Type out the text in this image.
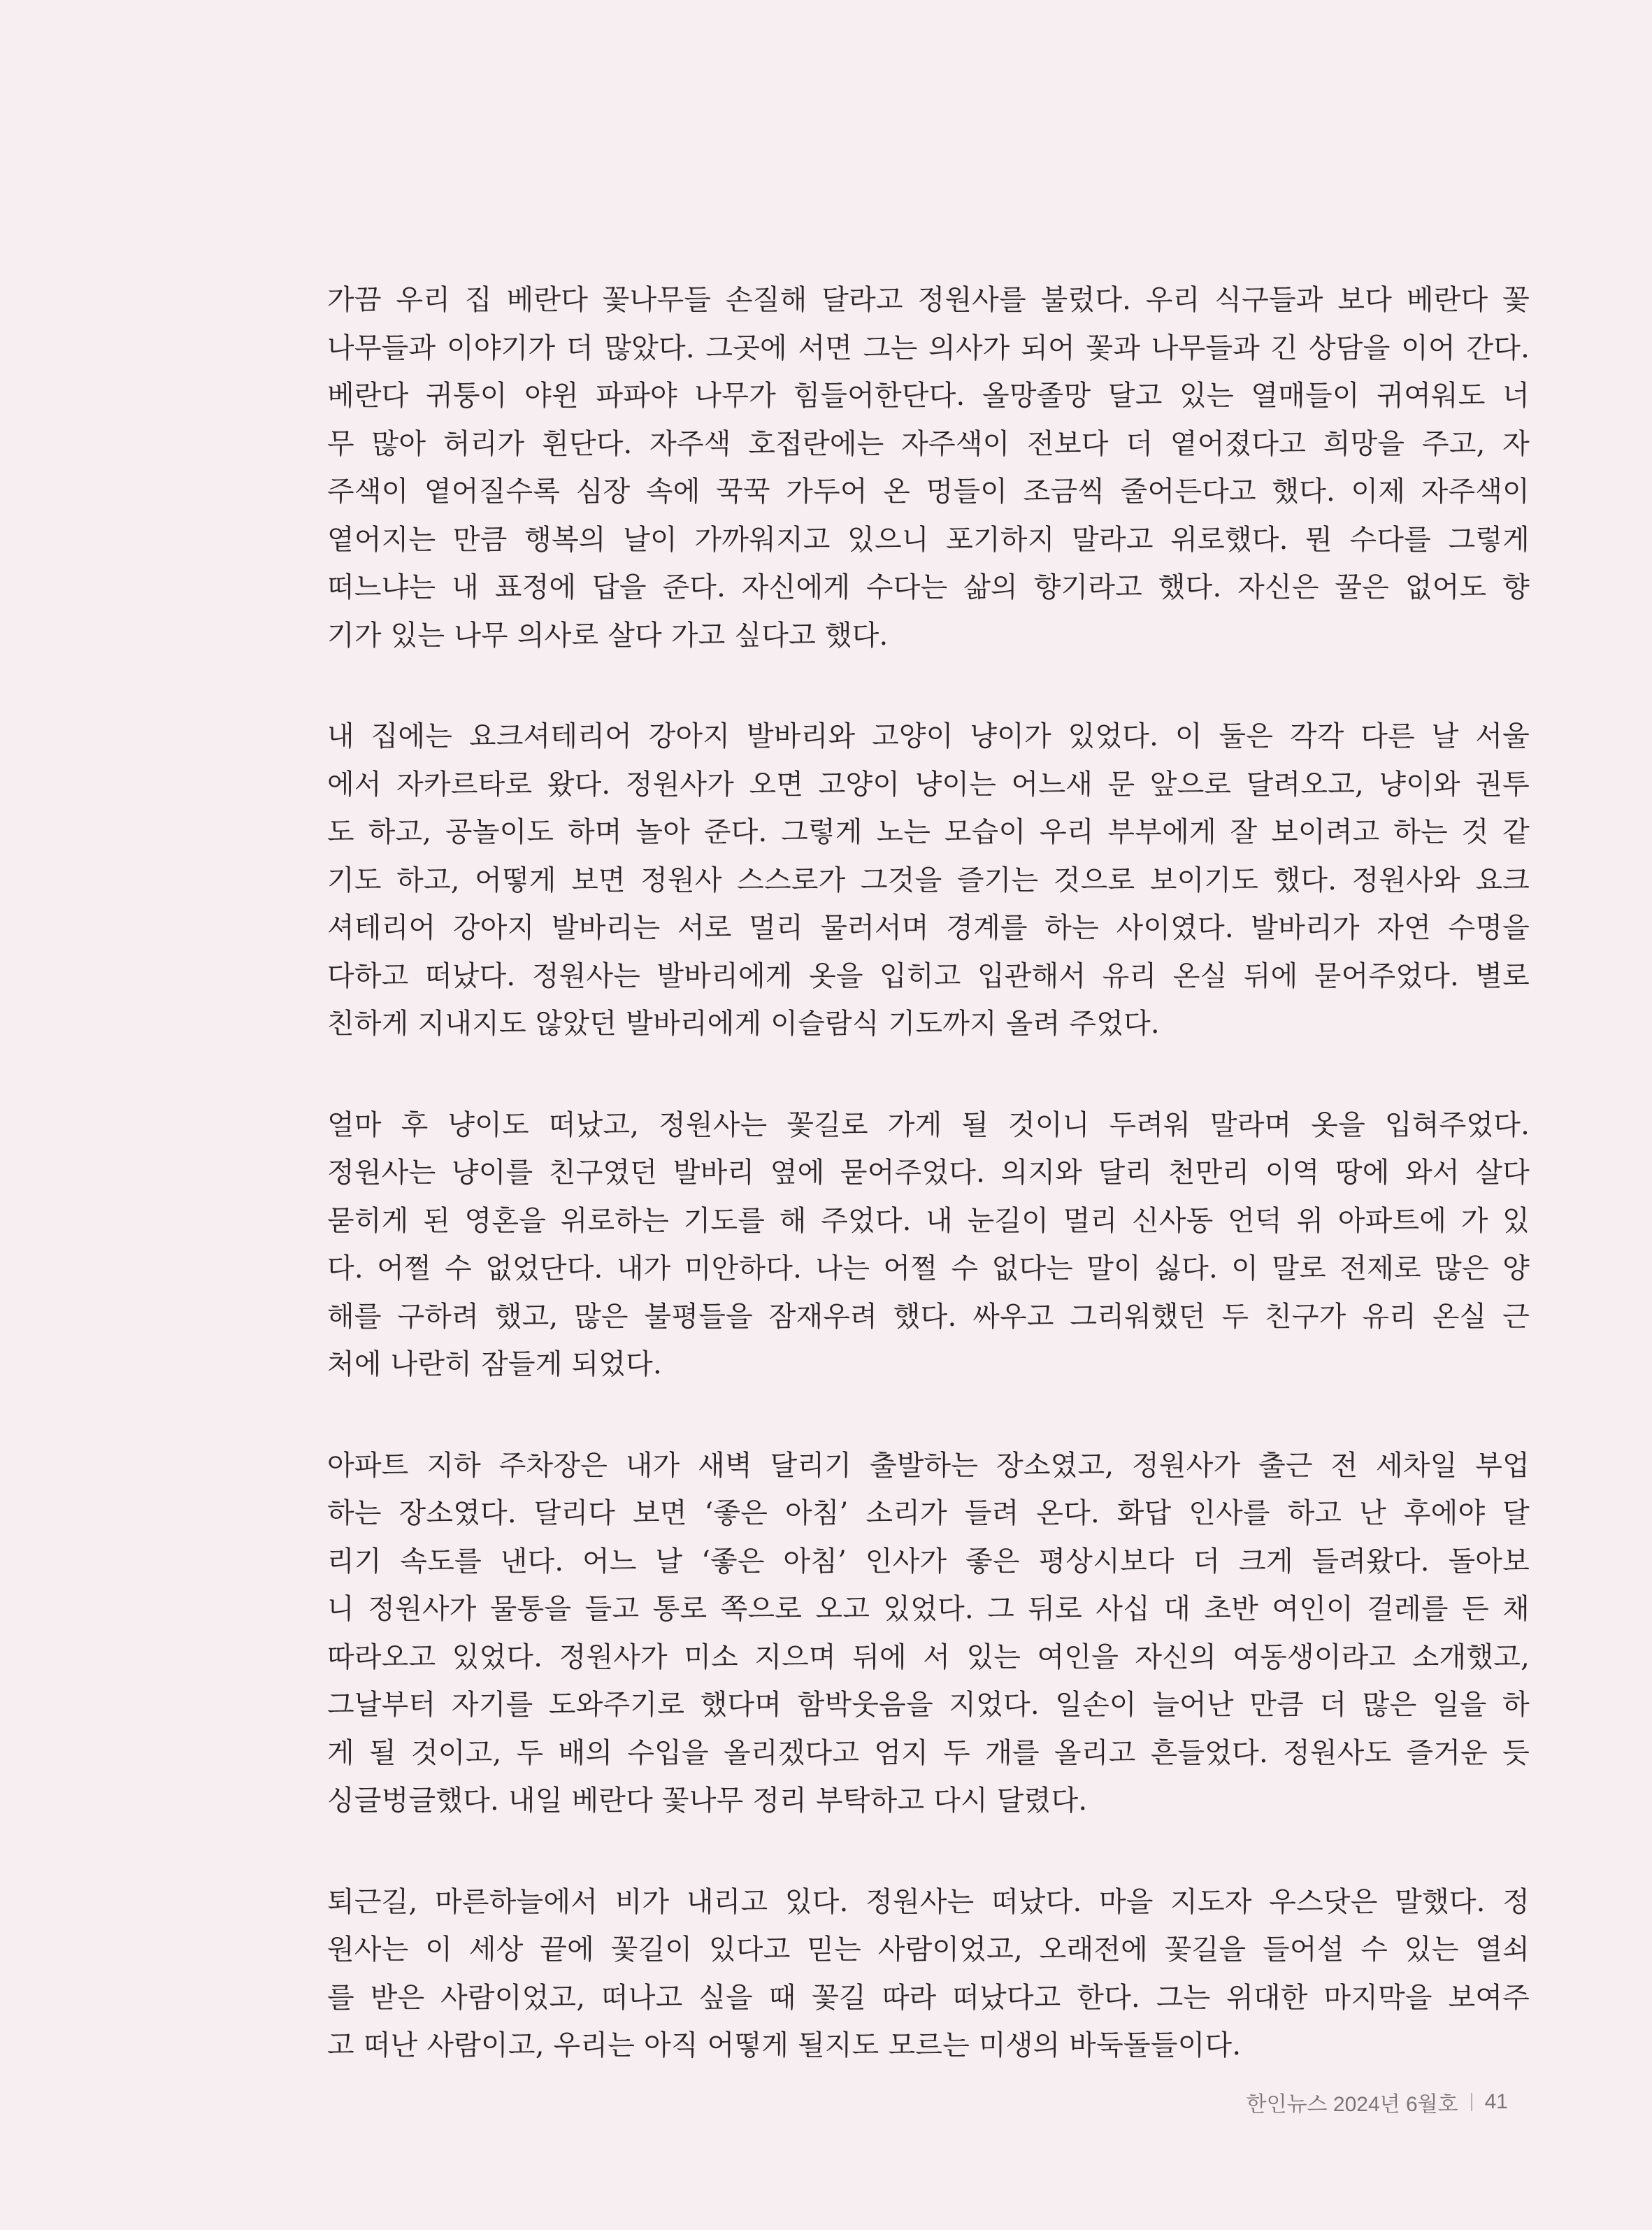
가끔 우리 집 베란다 꽃나무들 손질해 달라고 정원사를 불렀다. 우리 식구들과 보다 베란다 꽃
나무들과 이야기가 더 많았다. 그곳에 서면 그는 의사가 되어 꽃과 나무들과 긴 상담을 이어 간다.
베란다 귀퉁이 야윈 파파야 나무가 힘들어한단다. 올망졸망 달고 있는 열매들이 귀여워도 너
무 많아 허리가 휜단다. 자주색 호접란에는 자주색이 전보다 더 옅어졌다고 희망을 주고, 자
주색이 옅어질수록 심장 속에 꾹꾹 가두어 온 멍들이 조금씩 줄어든다고 했다. 이제 자주색이
옅어지는 만큼 행복의 날이 가까워지고 있으니 포기하지 말라고 위로했다. 뭔 수다를 그렇게
떠느냐는 내 표정에 답을 준다. 자신에게 수다는 삶의 향기라고 했다. 자신은 꿀은 없어도 향
기가 있는 나무 의사로 살다 가고 싶다고 했다.
내 집에는 요크셔테리어 강아지 발바리와 고양이 냥이가 있었다. 이 둘은 각각 다른 날 서울
에서 자카르타로 왔다. 정원사가 오면 고양이 냥이는 어느새 문 앞으로 달려오고, 냥이와 권투
도 하고, 공놀이도 하며 놀아 준다. 그렇게 노는 모습이 우리 부부에게 잘 보이려고 하는 것 같
기도 하고, 어떻게 보면 정원사 스스로가 그것을 즐기는 것으로 보이기도 했다. 정원사와 요크
셔테리어 강아지 발바리는 서로 멀리 물러서며 경계를 하는 사이였다. 발바리가 자연 수명을
다하고 떠났다. 정원사는 발바리에게 옷을 입히고 입관해서 유리 온실 뒤에 묻어주었다. 별로
친하게 지내지도 않았던 발바리에게 이슬람식 기도까지 올려 주었다.
얼마 후 냥이도 떠났고, 정원사는 꽃길로 가게 될 것이니 두려워 말라며 옷을 입혀주었다.
정원사는 냥이를 친구였던 발바리 옆에 묻어주었다. 의지와 달리 천만리 이역 땅에 와서 살다
묻히게 된 영혼을 위로하는 기도를 해 주었다. 내 눈길이 멀리 신사동 언덕 위 아파트에 가 있
다. 어쩔 수 없었단다. 내가 미안하다. 나는 어쩔 수 없다는 말이 싫다. 이 말로 전제로 많은 양
해를 구하려 했고, 많은 불평들을 잠재우려 했다. 싸우고 그리워했던 두 친구가 유리 온실 근
처에 나란히 잠들게 되었다.
아파트 지하 주차장은 내가 새벽 달리기 출발하는 장소였고, 정원사가 출근 전 세차일 부업
하는 장소였다. 달리다 보면 ‘좋은 아침’ 소리가 들려 온다. 화답 인사를 하고 난 후에야 달
리기 속도를 낸다. 어느 날 ‘좋은 아침’ 인사가 좋은 평상시보다 더 크게 들려왔다. 돌아보
니 정원사가 물통을 들고 통로 쪽으로 오고 있었다. 그 뒤로 사십 대 초반 여인이 걸레를 든 채
따라오고 있었다. 정원사가 미소 지으며 뒤에 서 있는 여인을 자신의 여동생이라고 소개했고,
그날부터 자기를 도와주기로 했다며 함박웃음을 지었다. 일손이 늘어난 만큼 더 많은 일을 하
게 될 것이고, 두 배의 수입을 올리겠다고 엄지 두 개를 올리고 흔들었다. 정원사도 즐거운 듯
싱글벙글했다. 내일 베란다 꽃나무 정리 부탁하고 다시 달렸다.
퇴근길, 마른하늘에서 비가 내리고 있다. 정원사는 떠났다. 마을 지도자 우스닷은 말했다. 정
원사는 이 세상 끝에 꽃길이 있다고 믿는 사람이었고, 오래전에 꽃길을 들어설 수 있는 열쇠
를 받은 사람이었고, 떠나고 싶을 때 꽃길 따라 떠났다고 한다. 그는 위대한 마지막을 보여주
고 떠난 사람이고, 우리는 아직 어떻게 될지도 모르는 미생의 바둑돌들이다.
한인뉴스 2024년 6월호 41
